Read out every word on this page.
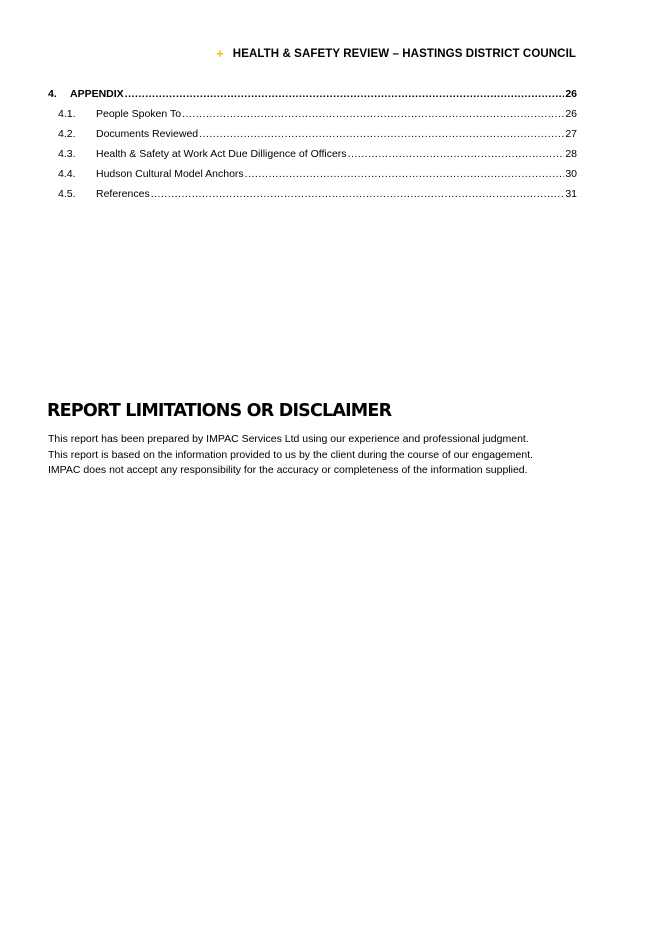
+ HEALTH & SAFETY REVIEW – HASTINGS DISTRICT COUNCIL
4.	APPENDIX .....	26
4.1.	People Spoken To .....	26
4.2.	Documents Reviewed .....	27
4.3.	Health & Safety at Work Act Due Dilligence of Officers .....	28
4.4.	Hudson Cultural Model Anchors .....	30
4.5.	References .....	31
REPORT LIMITATIONS OR DISCLAIMER

This report has been prepared by IMPAC Services Ltd using our experience and professional judgment.
This report is based on the information provided to us by the client during the course of our engagement.
IMPAC does not accept any responsibility for the accuracy or completeness of the information supplied.
